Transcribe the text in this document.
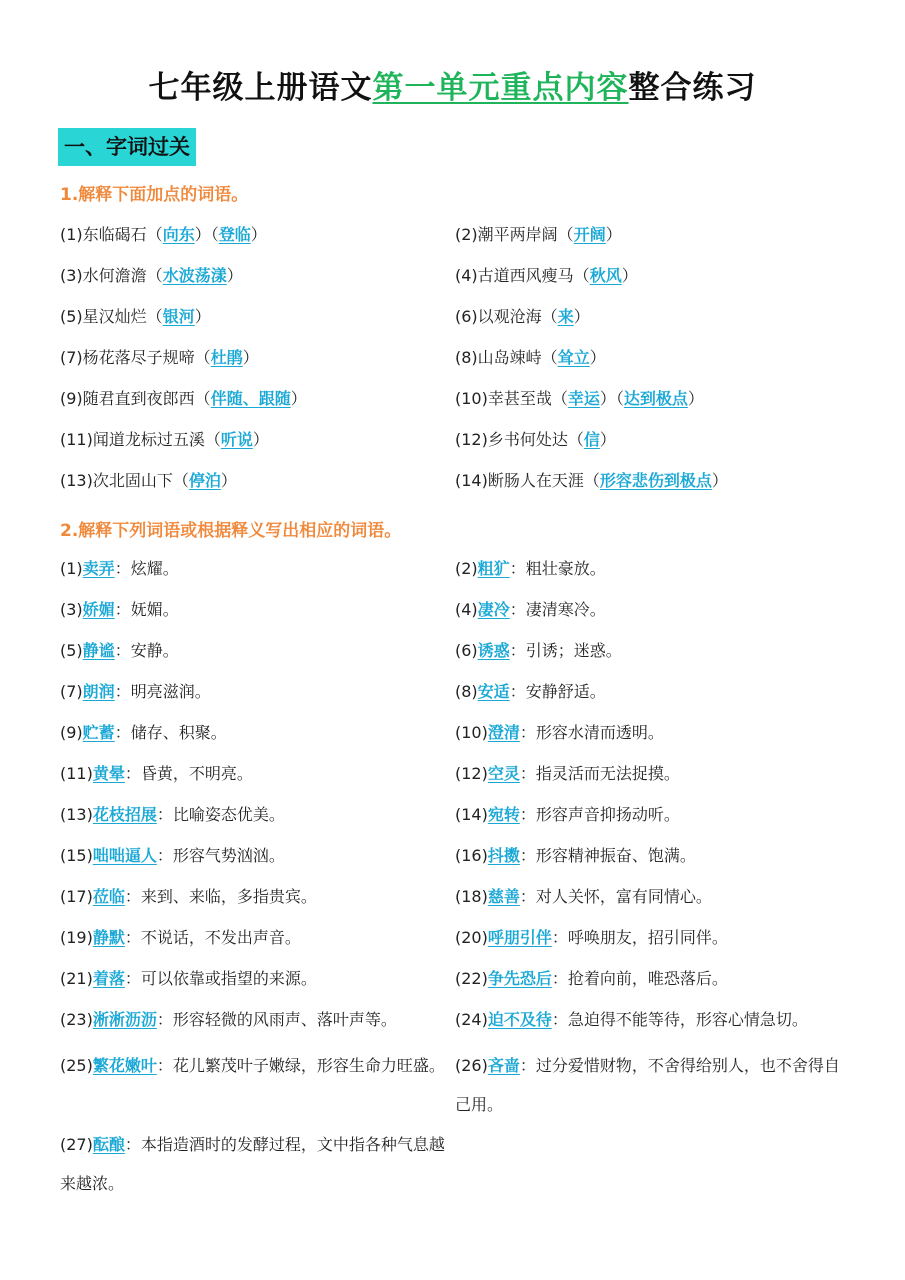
七年级上册语文第一单元重点内容整合练习
一、字词过关
1.解释下面加点的词语。
(1)东临碣石（向东）（登临）	(2)潮平两岸阔（开阔）
(3)水何澹澹（水波荡漾）	(4)古道西风瘦马（秋风）
(5)星汉灿烂（银河）	(6)以观沧海（来）
(7)杨花落尽子规啼（杜鹃）	(8)山岛竦峙（耸立）
(9)随君直到夜郎西（伴随、跟随）	(10)幸甚至哉（幸运）（达到极点）
(11)闻道龙标过五溪（听说）	(12)乡书何处达（信）
(13)次北固山下（停泊）	(14)断肠人在天涯（形容悲伤到极点）
2.解释下列词语或根据释义写出相应的词语。
(1)卖弄：炫耀。	(2)粗犷：粗壮豪放。
(3)娇媚：妩媚。	(4)凄冷：凄清寒冷。
(5)静谧：安静。	(6)诱惑：引诱；迷惑。
(7)朗润：明亮滋润。	(8)安适：安静舒适。
(9)贮蓄：储存、积聚。	(10)澄清：形容水清而透明。
(11)黄晕：昏黄，不明亮。	(12)空灵：指灵活而无法捉摸。
(13)花枝招展：比喻姿态优美。	(14)宛转：形容声音抑扬动听。
(15)咄咄逼人：形容气势汹汹。	(16)抖擞：形容精神振奋、饱满。
(17)莅临：来到、来临，多指贵宾。	(18)慈善：对人关怀，富有同情心。
(19)静默：不说话，不发出声音。	(20)呼朋引伴：呼唤朋友，招引同伴。
(21)着落：可以依靠或指望的来源。	(22)争先恐后：抢着向前，唯恐落后。
(23)淅淅沥沥：形容轻微的风雨声、落叶声等。	(24)迫不及待：急迫得不能等待，形容心情急切。
(25)繁花嫩叶：花儿繁茂叶子嫩绿，形容生命力旺盛。 (26)吝啬：过分爱惜财物，不舍得给别人，也不舍得自己用。
(27)酝酿：本指造酒时的发酵过程，文中指各种气息越来越浓。
